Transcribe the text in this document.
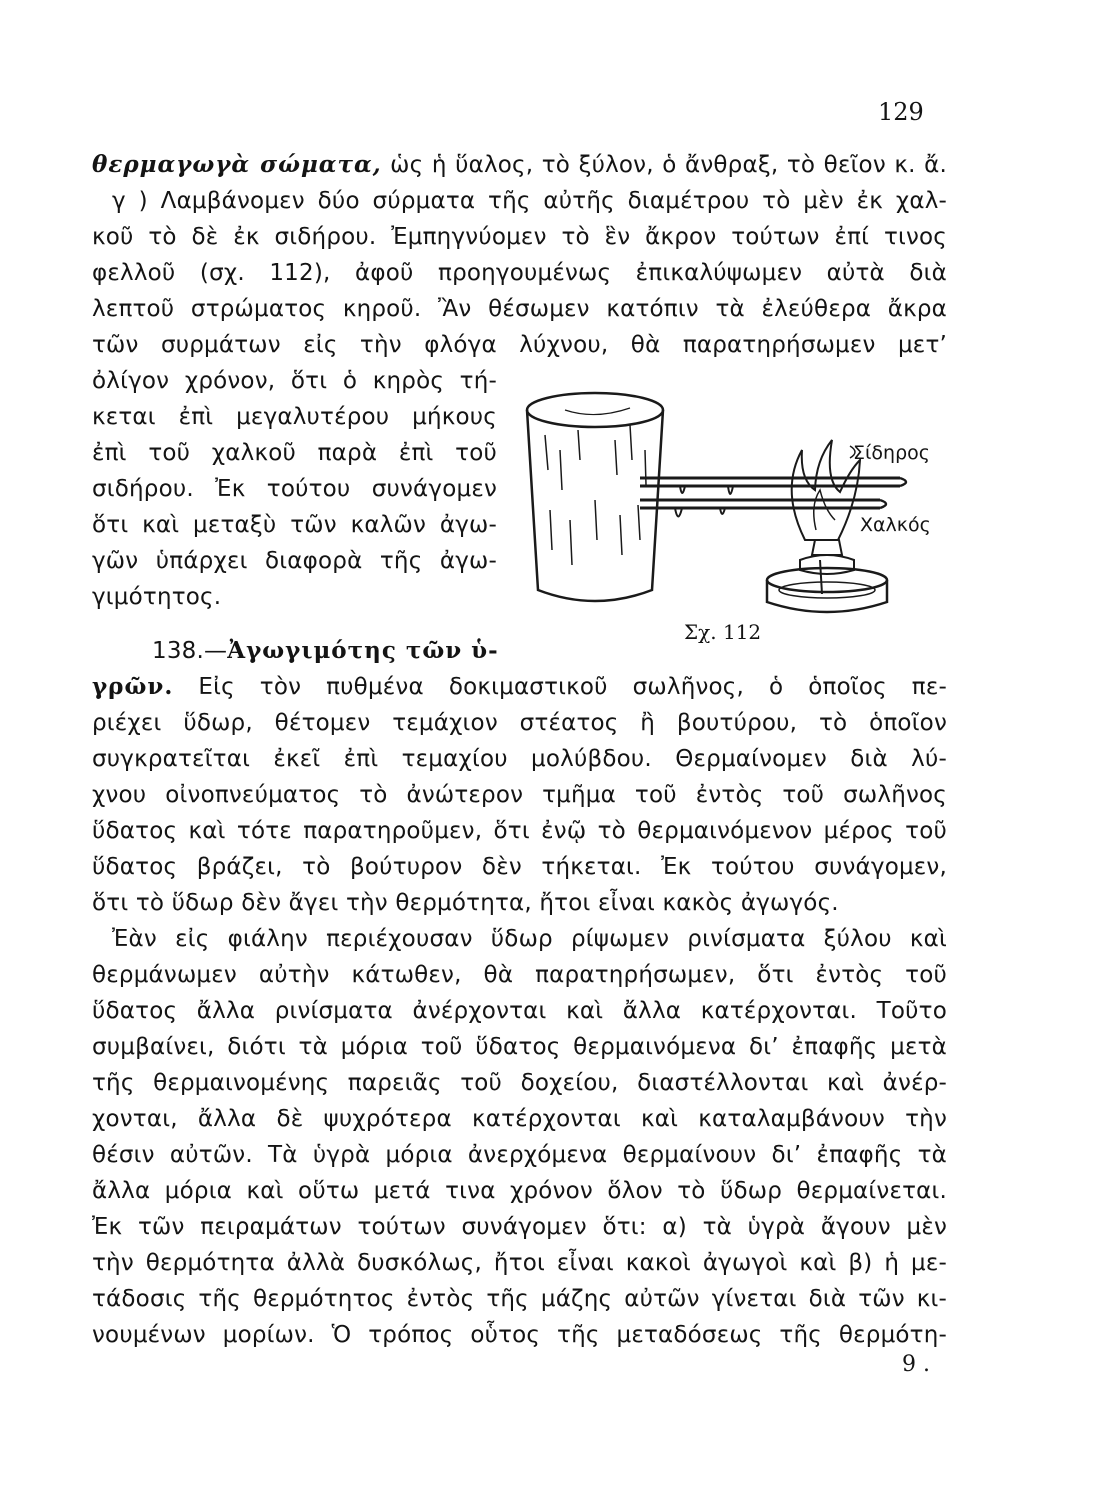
129
θερμαγωγὰ σώματα, ὡς ἡ ὕαλος, τὸ ξύλον, ὁ ἄνθραξ, τὸ θεῖον κ. ἄ.
γ ) Λαμβάνομεν δύο σύρματα τῆς αὐτῆς διαμέτρου τὸ μὲν ἐκ χαλ-
κοῦ τὸ δὲ ἐκ σιδήρου. Ἐμπηγνύομεν τὸ ἓν ἄκρον τούτων ἐπί τινος
φελλοῦ (σχ. 112), ἀφοῦ προηγουμένως ἐπικαλύψωμεν αὐτὰ διὰ
λεπτοῦ στρώματος κηροῦ. Ἂν θέσωμεν κατόπιν τὰ ἐλεύθερα ἄκρα
τῶν συρμάτων εἰς τὴν φλόγα λύχνου, θὰ παρατηρήσωμεν μετ’
ὀλίγον χρόνον, ὅτι ὁ κηρὸς τή-
κεται ἐπὶ μεγαλυτέρου μήκους
ἐπὶ τοῦ χαλκοῦ παρὰ ἐπὶ τοῦ
σιδήρου. Ἐκ τούτου συνάγομεν
ὅτι καὶ μεταξὺ τῶν καλῶν ἀγω-
γῶν ὑπάρχει διαφορὰ τῆς ἀγω-
γιμότητος.
Σίδηρος
Χαλκός
Σχ. 112
138.—Ἀγωγιμότης τῶν ὑ-
γρῶν. Εἰς τὸν πυθμένα δοκιμαστικοῦ σωλῆνος, ὁ ὁποῖος πε-
ριέχει ὕδωρ, θέτομεν τεμάχιον στέατος ἢ βουτύρου, τὸ ὁποῖον
συγκρατεῖται ἐκεῖ ἐπὶ τεμαχίου μολύβδου. Θερμαίνομεν διὰ λύ-
χνου οἰνοπνεύματος τὸ ἀνώτερον τμῆμα τοῦ ἐντὸς τοῦ σωλῆνος
ὕδατος καὶ τότε παρατηροῦμεν, ὅτι ἐνῷ τὸ θερμαινόμενον μέρος τοῦ
ὕδατος βράζει, τὸ βούτυρον δὲν τήκεται. Ἐκ τούτου συνάγομεν,
ὅτι τὸ ὕδωρ δὲν ἄγει τὴν θερμότητα, ἤτοι εἶναι κακὸς ἀγωγός.
Ἐὰν εἰς φιάλην περιέχουσαν ὕδωρ ρίψωμεν ρινίσματα ξύλου καὶ
θερμάνωμεν αὐτὴν κάτωθεν, θὰ παρατηρήσωμεν, ὅτι ἐντὸς τοῦ
ὕδατος ἄλλα ρινίσματα ἀνέρχονται καὶ ἄλλα κατέρχονται. Τοῦτο
συμβαίνει, διότι τὰ μόρια τοῦ ὕδατος θερμαινόμενα δι’ ἐπαφῆς μετὰ
τῆς θερμαινομένης παρειᾶς τοῦ δοχείου, διαστέλλονται καὶ ἀνέρ-
χονται, ἄλλα δὲ ψυχρότερα κατέρχονται καὶ καταλαμβάνουν τὴν
θέσιν αὐτῶν. Τὰ ὑγρὰ μόρια ἀνερχόμενα θερμαίνουν δι’ ἐπαφῆς τὰ
ἄλλα μόρια καὶ οὕτω μετά τινα χρόνον ὅλον τὸ ὕδωρ θερμαίνεται.
Ἐκ τῶν πειραμάτων τούτων συνάγομεν ὅτι: α) τὰ ὑγρὰ ἄγουν μὲν
τὴν θερμότητα ἀλλὰ δυσκόλως, ἤτοι εἶναι κακοὶ ἀγωγοὶ καὶ β) ἡ με-
τάδοσις τῆς θερμότητος ἐντὸς τῆς μάζης αὐτῶν γίνεται διὰ τῶν κι-
νουμένων μορίων. Ὁ τρόπος οὗτος τῆς μεταδόσεως τῆς θερμότη-
9 .
